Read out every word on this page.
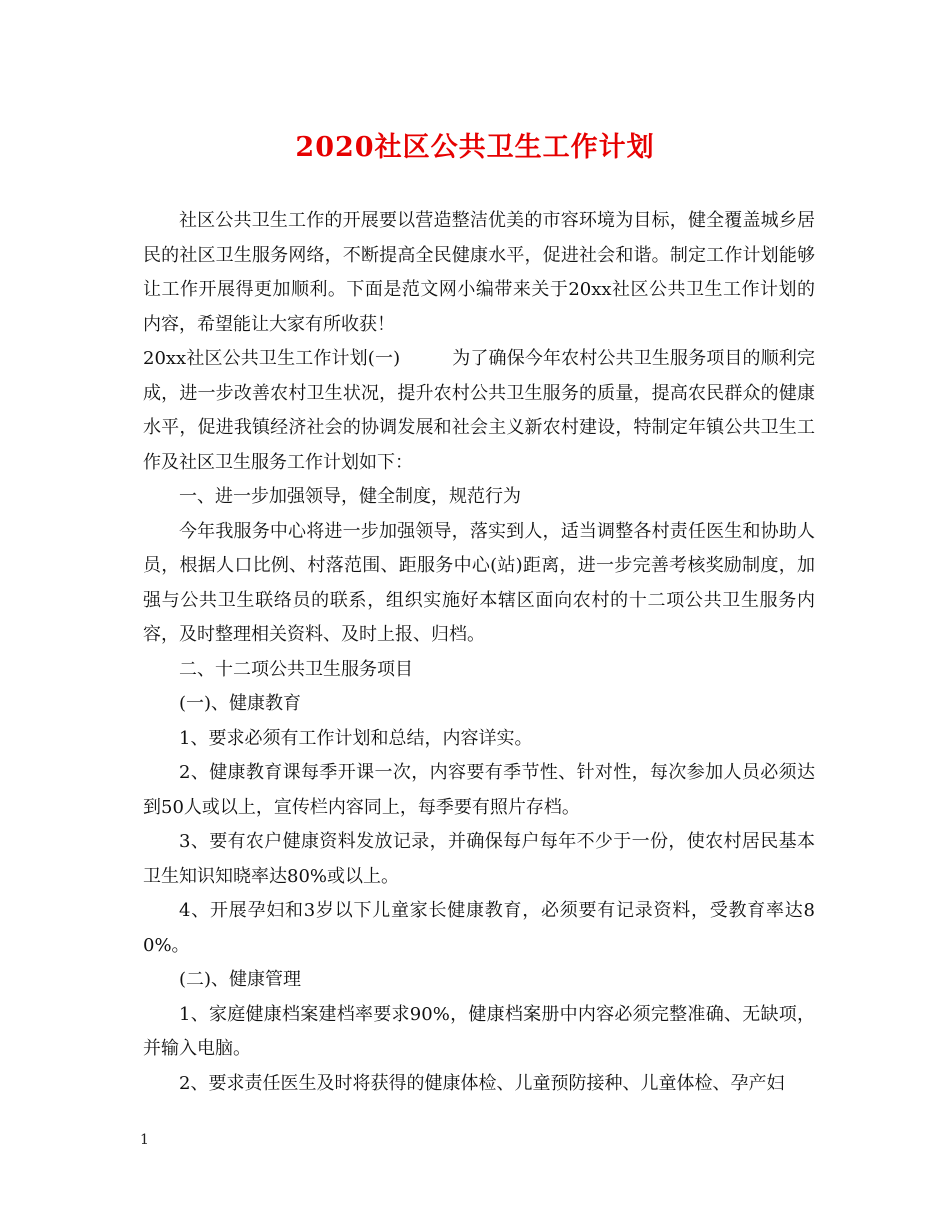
2020社区公共卫生工作计划

社区公共卫生工作的开展要以营造整洁优美的市容环境为目标，健全覆盖城乡居民的社区卫生服务网络，不断提高全民健康水平，促进社会和谐。制定工作计划能够让工作开展得更加顺利。下面是范文网小编带来关于20xx社区公共卫生工作计划的内容，希望能让大家有所收获！

20xx社区公共卫生工作计划(一)	为了确保今年农村公共卫生服务项目的顺利完成，进一步改善农村卫生状况，提升农村公共卫生服务的质量，提高农民群众的健康水平，促进我镇经济社会的协调发展和社会主义新农村建设，特制定年镇公共卫生工作及社区卫生服务工作计划如下：

一、进一步加强领导，健全制度，规范行为

今年我服务中心将进一步加强领导，落实到人，适当调整各村责任医生和协助人员，根据人口比例、村落范围、距服务中心(站)距离，进一步完善考核奖励制度，加强与公共卫生联络员的联系，组织实施好本辖区面向农村的十二项公共卫生服务内容，及时整理相关资料、及时上报、归档。

二、十二项公共卫生服务项目

(一)、健康教育

1、要求必须有工作计划和总结，内容详实。

2、健康教育课每季开课一次，内容要有季节性、针对性，每次参加人员必须达到50人或以上，宣传栏内容同上，每季要有照片存档。

3、要有农户健康资料发放记录，并确保每户每年不少于一份，使农村居民基本卫生知识知晓率达80%或以上。

4、开展孕妇和3岁以下儿童家长健康教育，必须要有记录资料，受教育率达80%。

(二)、健康管理

1、家庭健康档案建档率要求90%，健康档案册中内容必须完整准确、无缺项，并输入电脑。

2、要求责任医生及时将获得的健康体检、儿童预防接种、儿童体检、孕产妇

1
